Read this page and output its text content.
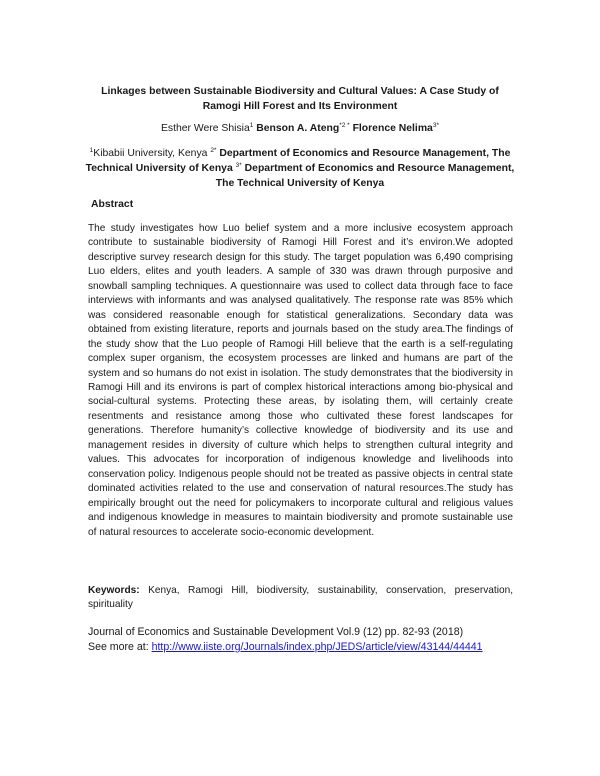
Linkages between Sustainable Biodiversity and Cultural Values: A Case Study of Ramogi Hill Forest and Its Environment
Esther Were Shisia$^1$ Benson A. Ateng$^{*2 *}$ Florence Nelima$^{3*}$
$^1$Kibabii University, Kenya $^{2*}$ Department of Economics and Resource Management, The Technical University of Kenya $^{3*}$ Department of Economics and Resource Management, The Technical University of Kenya
Abstract
The study investigates how Luo belief system and a more inclusive ecosystem approach contribute to sustainable biodiversity of Ramogi Hill Forest and it’s environ.We adopted descriptive survey research design for this study. The target population was 6,490 comprising Luo elders, elites and youth leaders. A sample of 330 was drawn through purposive and snowball sampling techniques. A questionnaire was used to collect data through face to face interviews with informants and was analysed qualitatively. The response rate was 85% which was considered reasonable enough for statistical generalizations. Secondary data was obtained from existing literature, reports and journals based on the study area.The findings of the study show that the Luo people of Ramogi Hill believe that the earth is a self-regulating complex super organism, the ecosystem processes are linked and humans are part of the system and so humans do not exist in isolation. The study demonstrates that the biodiversity in Ramogi Hill and its environs is part of complex historical interactions among bio-physical and social-cultural systems. Protecting these areas, by isolating them, will certainly create resentments and resistance among those who cultivated these forest landscapes for generations. Therefore humanity’s collective knowledge of biodiversity and its use and management resides in diversity of culture which helps to strengthen cultural integrity and values. This advocates for incorporation of indigenous knowledge and livelihoods into conservation policy. Indigenous people should not be treated as passive objects in central state dominated activities related to the use and conservation of natural resources.The study has empirically brought out the need for policymakers to incorporate cultural and religious values and indigenous knowledge in measures to maintain biodiversity and promote sustainable use of natural resources to accelerate socio-economic development.
Keywords: Kenya, Ramogi Hill, biodiversity, sustainability, conservation, preservation, spirituality
Journal of Economics and Sustainable Development Vol.9 (12) pp. 82-93 (2018)
See more at: http://www.iiste.org/Journals/index.php/JEDS/article/view/43144/44441
